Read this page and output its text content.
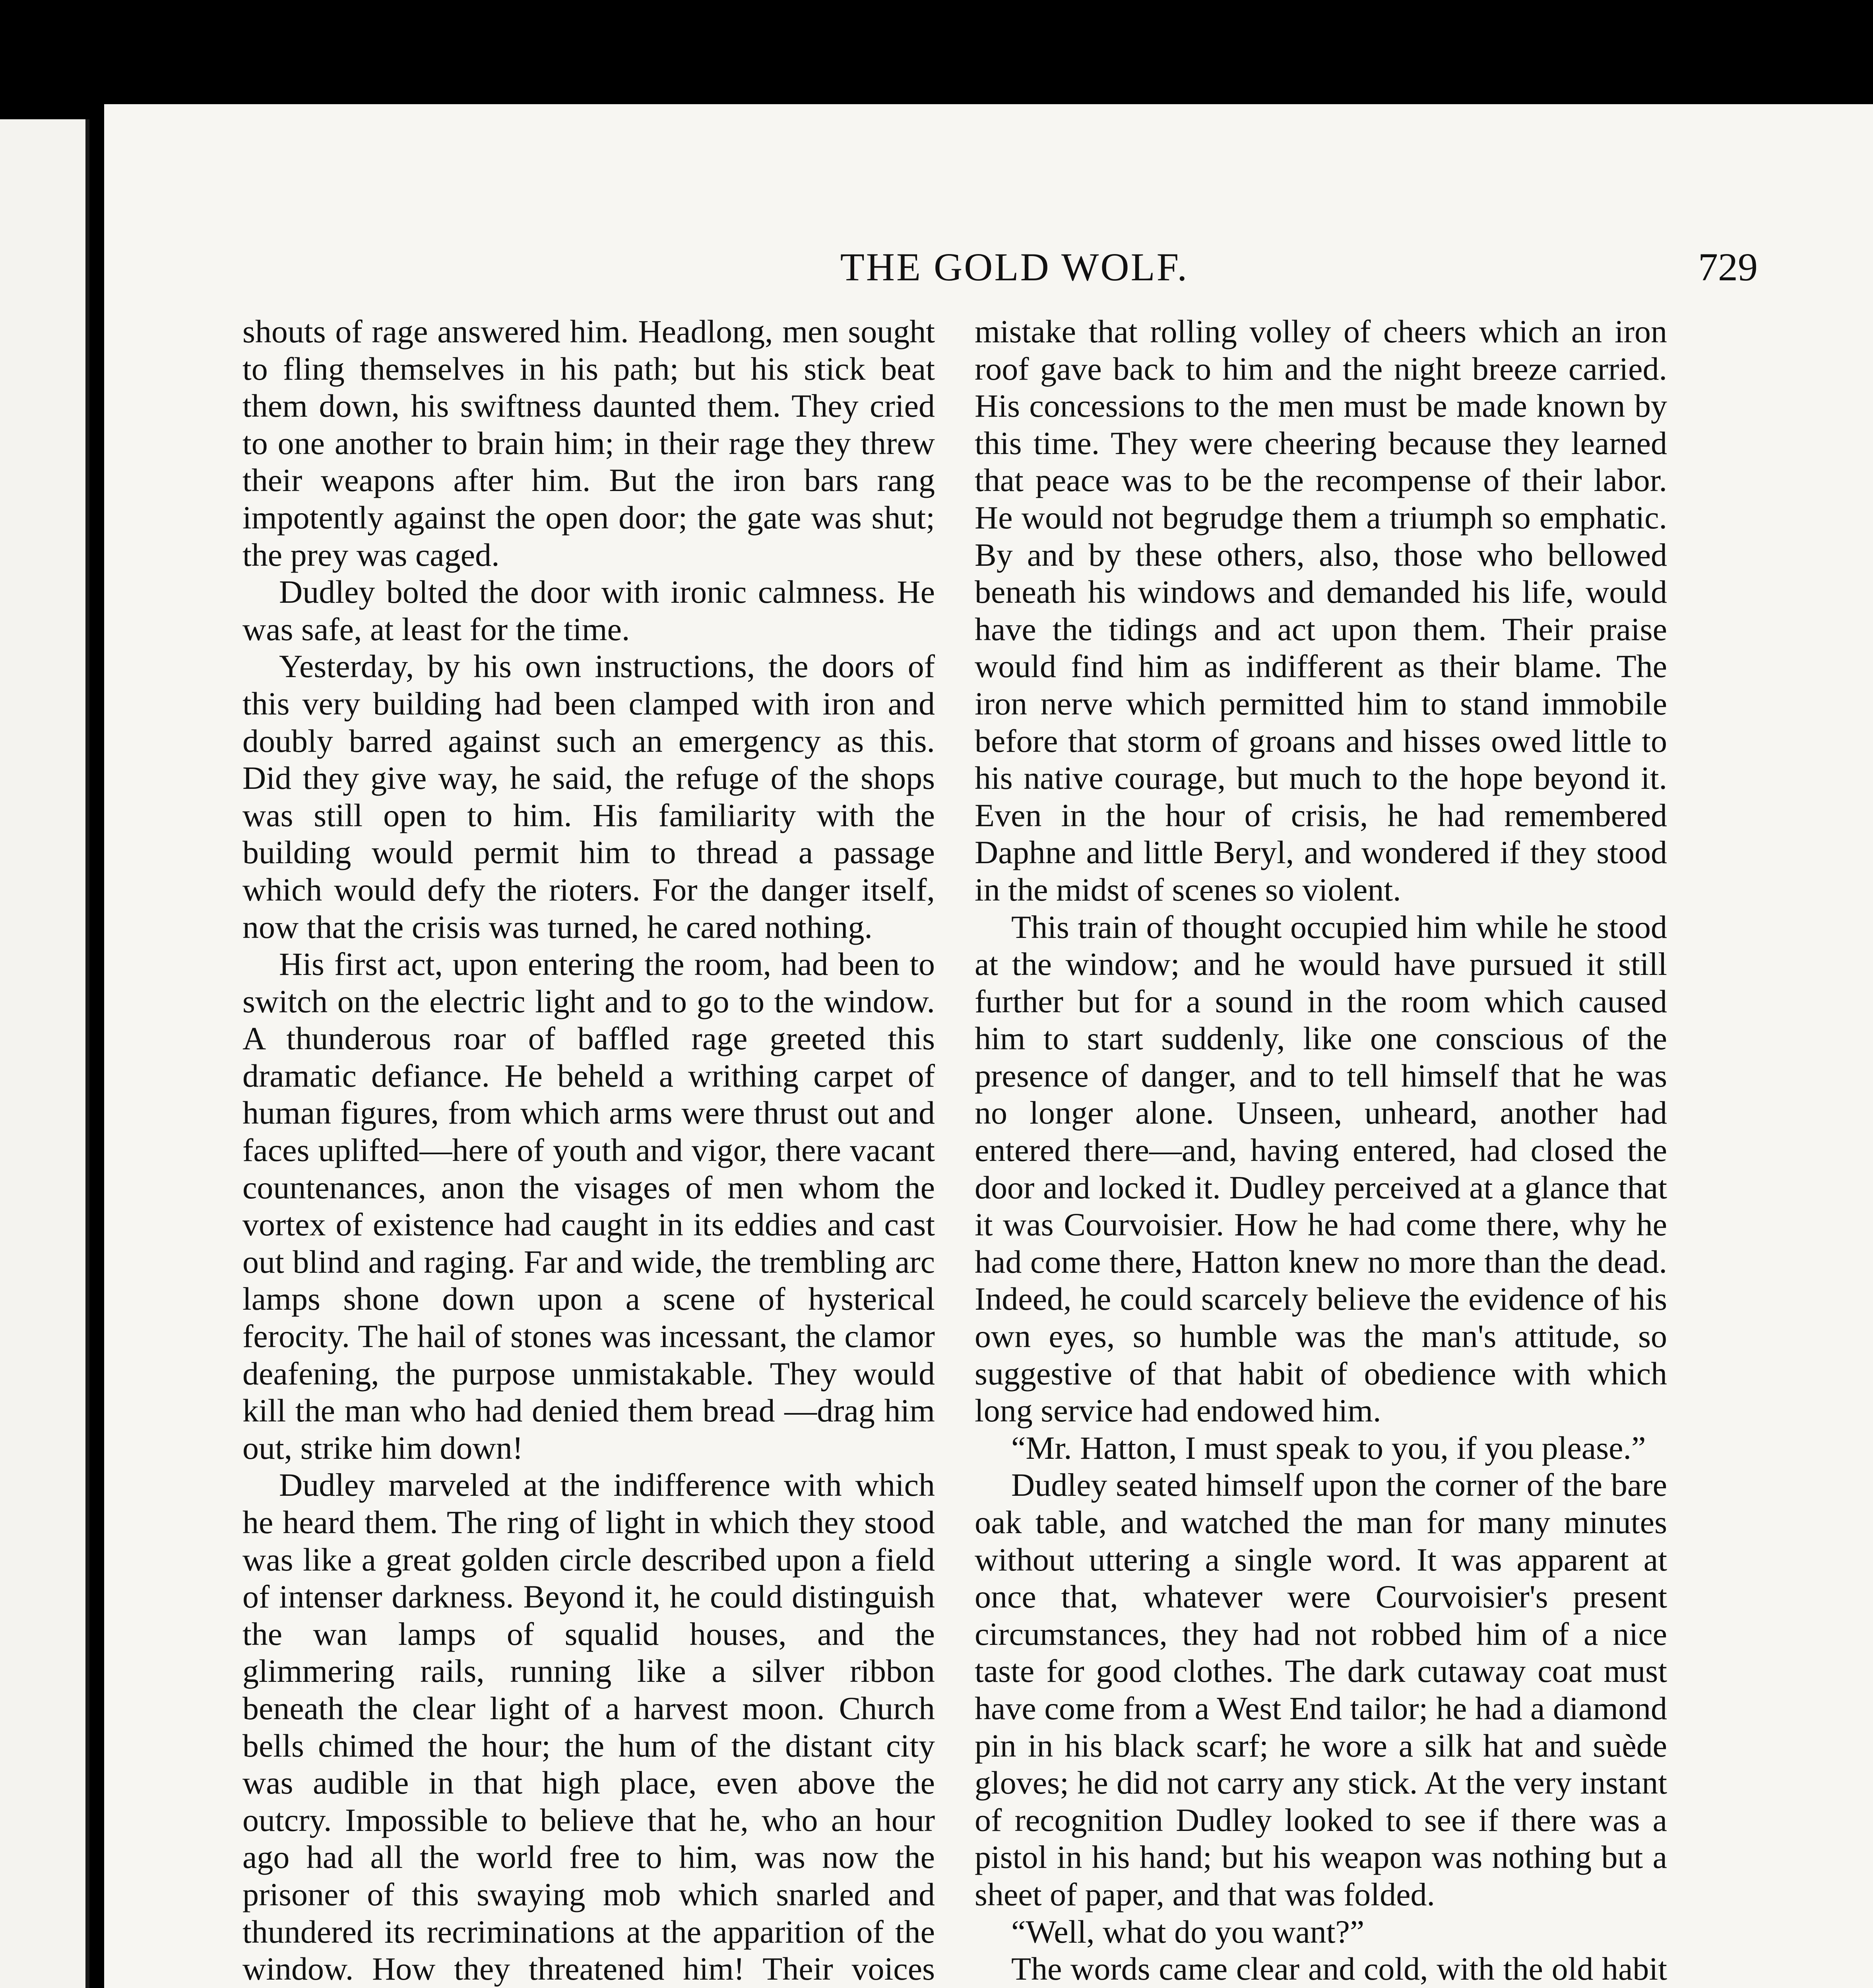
THE GOLD WOLF.	729

shouts of rage answered him. Headlong, men sought to fling themselves in his path; but his stick beat them down, his swiftness daunted them. They cried to one another to brain him; in their rage they threw their weapons after him. But the iron bars rang impotently against the open door; the gate was shut; the prey was caged.

Dudley bolted the door with ironic calmness. He was safe, at least for the time.

Yesterday, by his own instructions, the doors of this very building had been clamped with iron and doubly barred against such an emergency as this. Did they give way, he said, the refuge of the shops was still open to him. His familiarity with the building would permit him to thread a passage which would defy the rioters. For the danger itself, now that the crisis was turned, he cared nothing.

His first act, upon entering the room, had been to switch on the electric light and to go to the window. A thunderous roar of baffled rage greeted this dramatic defiance. He beheld a writhing carpet of human figures, from which arms were thrust out and faces uplifted—here of youth and vigor, there vacant countenances, anon the visages of men whom the vortex of existence had caught in its eddies and cast out blind and raging. Far and wide, the trembling arc lamps shone down upon a scene of hysterical ferocity. The hail of stones was incessant, the clamor deafening, the purpose unmistakable. They would kill the man who had denied them bread —drag him out, strike him down!

Dudley marveled at the indifference with which he heard them. The ring of light in which they stood was like a great golden circle described upon a field of intenser darkness. Beyond it, he could distinguish the wan lamps of squalid houses, and the glimmering rails, running like a silver ribbon beneath the clear light of a harvest moon. Church bells chimed the hour; the hum of the distant city was audible in that high place, even above the outcry. Impossible to believe that he, who an hour ago had all the world free to him, was now the prisoner of this swaying mob which snarled and thundered its recriminations at the apparition of the window. How they threatened him! Their voices

mistake that rolling volley of cheers which an iron roof gave back to him and the night breeze carried. His concessions to the men must be made known by this time. They were cheering because they learned that peace was to be the recompense of their labor. He would not begrudge them a triumph so emphatic. By and by these others, also, those who bellowed beneath his windows and demanded his life, would have the tidings and act upon them. Their praise would find him as indifferent as their blame. The iron nerve which permitted him to stand immobile before that storm of groans and hisses owed little to his native courage, but much to the hope beyond it. Even in the hour of crisis, he had remembered Daphne and little Beryl, and wondered if they stood in the midst of scenes so violent.

This train of thought occupied him while he stood at the window; and he would have pursued it still further but for a sound in the room which caused him to start suddenly, like one conscious of the presence of danger, and to tell himself that he was no longer alone. Unseen, unheard, another had entered there—and, having entered, had closed the door and locked it. Dudley perceived at a glance that it was Courvoisier. How he had come there, why he had come there, Hatton knew no more than the dead. Indeed, he could scarcely believe the evidence of his own eyes, so humble was the man's attitude, so suggestive of that habit of obedience with which long service had endowed him.

“Mr. Hatton, I must speak to you, if you please.”

Dudley seated himself upon the corner of the bare oak table, and watched the man for many minutes without uttering a single word. It was apparent at once that, whatever were Courvoisier's present circumstances, they had not robbed him of a nice taste for good clothes. The dark cutaway coat must have come from a West End tailor; he had a diamond pin in his black scarf; he wore a silk hat and suède gloves; he did not carry any stick. At the very instant of recognition Dudley looked to see if there was a pistol in his hand; but his weapon was nothing but a sheet of paper, and that was folded.

“Well, what do you want?”

The words came clear and cold, with the old habit
